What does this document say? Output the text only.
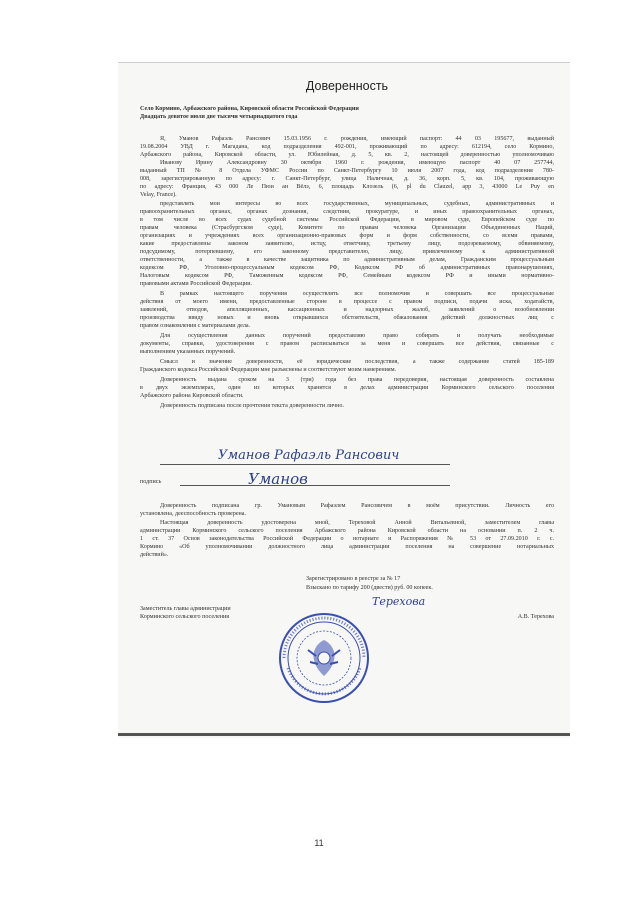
Доверенность
Село Кормино, Арбажского района, Кировской области Российской Федерации
Двадцать девятое июля две тысячи четырнадцатого года
Я, Уманов Рафаэль Рансович 15.03.1956 г. рождения, имеющий паспорт: 44 03 195677, выданный
19.08.2004 УВД г. Магадана, код подразделения 492-001, проживающий по адресу: 612194, село Кормино,
Арбажского района, Кировской области, ул. Юбилейная, д. 5, кв. 2, настоящей доверенностью уполномочиваю
Иванову Ирину Александровну 30 октября 1960 г. рождения, имеющую паспорт 40 07 257744,
выданный ТП № 8 Отдела УФМС России по Санкт-Петербургу 10 июля 2007 года, код подразделения 780-
008, зарегистрированную по адресу: г. Санкт-Петербург, улица Наличная, д. 36, корп. 5, кв. 104, проживающую
по адресу: Франция, 43 000 Ле Пюи ан Вёлэ, 6, площадь Клозель (6, pl du Clauzel, app 3, 43000 Le Puy en
Velay, France).
представлять мои интересы во всех государственных, муниципальных, судебных, административных и
правоохранительных органах, органах дознания, следствия, прокуратуре, и иных правоохранительных органах,
в том числе во всех судах судебной системы Российской Федерации, в мировом суде, Европейском суде по
правам человека (Страсбургском суде), Комитете по правам человека Организации Объединенных Наций,
организациях и учреждениях всех организационно-правовых форм и форм собственности, со всеми правами,
какие предоставлены законом заявителю, истцу, ответчику, третьему лицу, подозреваемому, обвиняемому,
подсудимому, потерпевшему, его законному представителю, лицу, привлеченному к административной
ответственности, а также в качестве защитника по административным делам, Гражданским процессуальным
кодексом РФ, Уголовно-процессуальным кодексом РФ, Кодексом РФ об административных правонарушениях,
Налоговым кодексом РФ, Таможенным кодексом РФ, Семейным кодексом РФ и иными нормативно-
правовыми актами Российской Федерации.
В рамках настоящего поручения осуществлять все полномочия и совершать все процессуальные
действия от моего имени, предоставленные стороне в процессе с правом подписи, подачи иска, ходатайств,
заявлений, отводов, апелляционных, кассационных и надзорных жалоб, заявлений о возобновлении
производства ввиду новых и вновь открывшихся обстоятельств, обжалования действий должностных лиц с
правом ознакомления с материалами дела.
Для осуществления данных поручений предоставляю право собирать и получать необходимые
документы, справки, удостоверения с правом расписываться за меня и совершать все действия, связанные с
выполнением указанных поручений.
Смысл и значение доверенности, её юридические последствия, а также содержание статей 185-189
Гражданского кодекса Российской Федерации мне разъяснены и соответствуют моим намерениям.
Доверенность выдана сроком на 3 (три) года без права передоверия, настоящая доверенность составлена
в двух экземплярах, один из которых хранится в делах администрации Корминского сельского поселения
Арбажского района Кировской области.
Доверенность подписана после прочтения текста доверенности лично.
Уманов Рафаэль Рансович
подпись	Уманов
Доверенность подписана гр. Умановым Рафаэлем Рансовичем в моём присутствии. Личность его
установлена, дееспособность проверена.
Настоящая доверенность удостоверена мной, Тереховой Анной Витальевной, заместителем главы
администрации Корминского сельского поселения Арбажского района Кировской области на основании п. 2 ч.
1 ст. 37 Основ законодательства Российской Федерации о нотариате и Распоряжения № 53 от 27.09.2010 г. с.
Кормино «Об уполномочивании должностного лица администрации поселения на совершение нотариальных
действий».
Зарегистрировано в реестре за № 17
Взыскано по тарифу 200 (двести) руб. 00 копеек.
Заместитель главы администрации
Корминского сельского поселения
Терехова
А.В. Терехова
11
